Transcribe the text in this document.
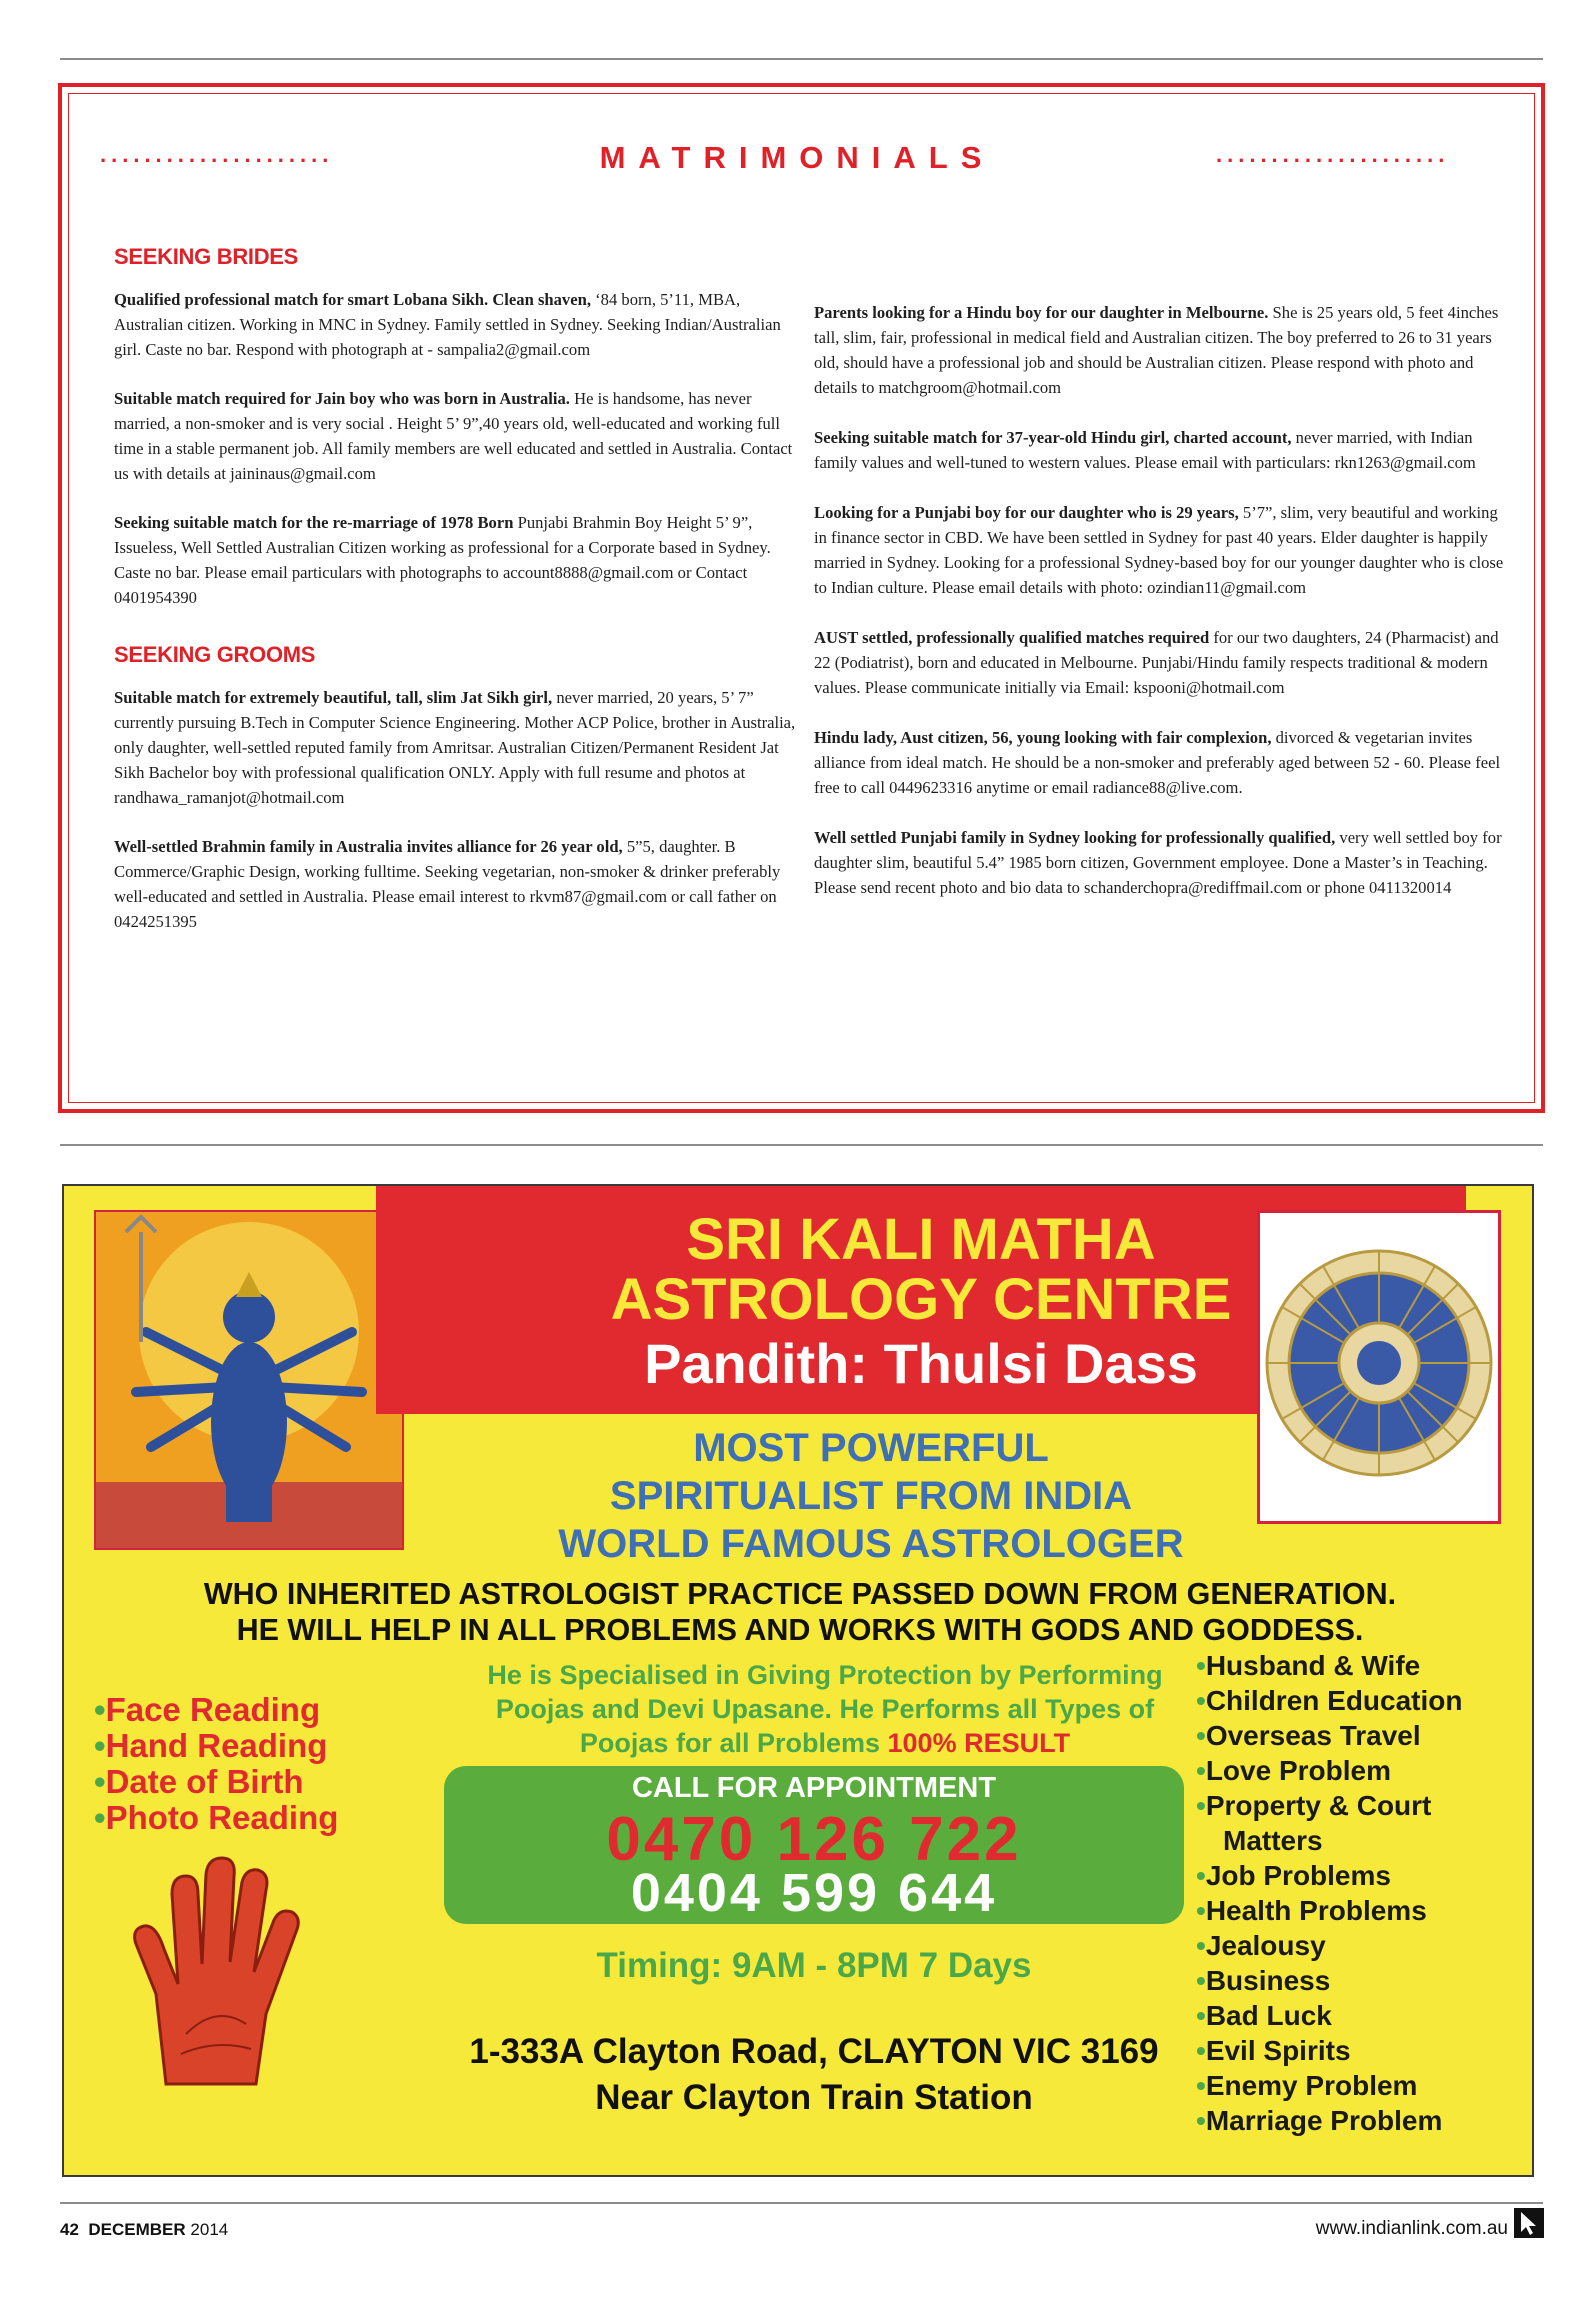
.....................	.....................
MATRIMONIALS
SEEKING BRIDES
Qualified professional match for smart Lobana Sikh. Clean shaven, ‘84 born, 5’11, MBA, Australian citizen. Working in MNC in Sydney. Family settled in Sydney. Seeking Indian/Australian girl. Caste no bar. Respond with photograph at - sampalia2@gmail.com
Suitable match required for Jain boy who was born in Australia. He is handsome, has never married, a non-smoker and is very social . Height 5’ 9”,40 years old, well-educated and working full time in a stable permanent job. All family members are well educated and settled in Australia. Contact us with details at jaininaus@gmail.com
Seeking suitable match for the re-marriage of 1978 Born Punjabi Brahmin Boy Height 5’ 9”, Issueless, Well Settled Australian Citizen working as professional for a Corporate based in Sydney. Caste no bar. Please email particulars with photographs to account8888@gmail.com or Contact 0401954390
SEEKING GROOMS
Suitable match for extremely beautiful, tall, slim Jat Sikh girl, never married, 20 years, 5’ 7” currently pursuing B.Tech in Computer Science Engineering. Mother ACP Police, brother in Australia, only daughter, well-settled reputed family from Amritsar. Australian Citizen/Permanent Resident Jat Sikh Bachelor boy with professional qualification ONLY. Apply with full resume and photos at randhawa_ramanjot@hotmail.com
Well-settled Brahmin family in Australia invites alliance for 26 year old, 5”5, daughter. B Commerce/Graphic Design, working fulltime. Seeking vegetarian, non-smoker & drinker preferably well-educated and settled in Australia. Please email interest to rkvm87@gmail.com or call father on 0424251395
Parents looking for a Hindu boy for our daughter in Melbourne. She is 25 years old, 5 feet 4inches tall, slim, fair, professional in medical field and Australian citizen. The boy preferred to 26 to 31 years old, should have a professional job and should be Australian citizen. Please respond with photo and details to matchgroom@hotmail.com
Seeking suitable match for 37-year-old Hindu girl, charted account, never married, with Indian family values and well-tuned to western values. Please email with particulars: rkn1263@gmail.com
Looking for a Punjabi boy for our daughter who is 29 years, 5’7”, slim, very beautiful and working in finance sector in CBD. We have been settled in Sydney for past 40 years. Elder daughter is happily married in Sydney. Looking for a professional Sydney-based boy for our younger daughter who is close to Indian culture. Please email details with photo: ozindian11@gmail.com
AUST settled, professionally qualified matches required for our two daughters, 24 (Pharmacist) and 22 (Podiatrist), born and educated in Melbourne. Punjabi/Hindu family respects traditional & modern values. Please communicate initially via Email: kspooni@hotmail.com
Hindu lady, Aust citizen, 56, young looking with fair complexion, divorced & vegetarian invites alliance from ideal match. He should be a non-smoker and preferably aged between 52 - 60. Please feel free to call 0449623316 anytime or email radiance88@live.com.
Well settled Punjabi family in Sydney looking for professionally qualified, very well settled boy for daughter slim, beautiful 5.4” 1985 born citizen, Government employee. Done a Master’s in Teaching. Please send recent photo and bio data to schanderchopra@rediffmail.com or phone 0411320014
SRI KALI MATHA
ASTROLOGY CENTRE
Pandith: Thulsi Dass
MOST POWERFUL
SPIRITUALIST FROM INDIA
WORLD FAMOUS ASTROLOGER
WHO INHERITED ASTROLOGIST PRACTICE PASSED DOWN FROM GENERATION.
HE WILL HELP IN ALL PROBLEMS AND WORKS WITH GODS AND GODDESS.
He is Specialised in Giving Protection by Performing
Poojas and Devi Upasane. He Performs all Types of
Poojas for all Problems 100% RESULT
• Face Reading
• Hand Reading
• Date of Birth
• Photo Reading
CALL FOR APPOINTMENT
0470 126 722
0404 599 644
Timing: 9AM - 8PM 7 Days
1-333A Clayton Road, CLAYTON VIC 3169
Near Clayton Train Station
• Husband & Wife
• Children Education
• Overseas Travel
• Love Problem
• Property & Court
Matters
• Job Problems
• Health Problems
• Jealousy
• Business
• Bad Luck
• Evil Spirits
• Enemy Problem
• Marriage Problem
42 DECEMBER 2014	www.indianlink.com.au
